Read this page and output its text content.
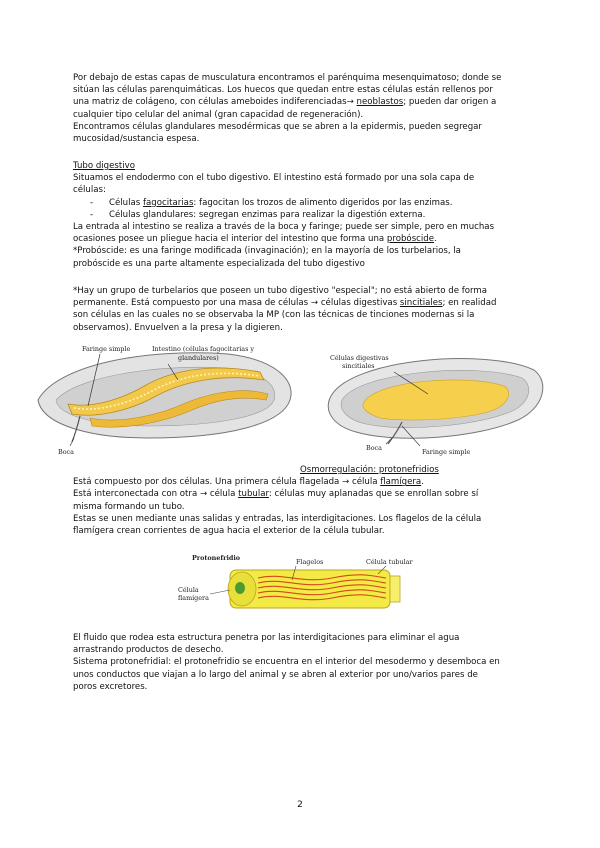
Por debajo de estas capas de musculatura encontramos el parénquima mesenquimatoso; donde se

sitúan las células parenquimáticas. Los huecos que quedan entre estas células están rellenos por

una matriz de colágeno, con células ameboides indiferenciadas→ neoblastos; pueden dar origen a

cualquier tipo celular del animal (gran capacidad de regeneración).

Encontramos células glandulares mesodérmicas que se abren a la epidermis, pueden segregar

mucosidad/sustancia espesa.

Tubo digestivo

Situamos el endodermo con el tubo digestivo. El intestino está formado por una sola capa de

células:

- Células fagocitarias: fagocitan los trozos de alimento digeridos por las enzimas.
- Células glandulares: segregan enzimas para realizar la digestión externa.

La entrada al intestino se realiza a través de la boca y faringe; puede ser simple, pero en muchas

ocasiones posee un pliegue hacia el interior del intestino que forma una probóscide.

*Probóscide: es una faringe modificada (invaginación); en la mayoría de los turbelarios, la

probóscide es una parte altamente especializada del tubo digestivo

*Hay un grupo de turbelarios que poseen un tubo digestivo "especial"; no está abierto de forma

permanente. Está compuesto por una masa de células → células digestivas sincitiales; en realidad

son células en las cuales no se observaba la MP (con las técnicas de tinciones modernas si la

observamos). Envuelven a la presa y la digieren.

Faringe simple	Intestino (células fagocitarias y
glandulares)
Boca
Células digestivas
sincitiales
Boca	Faringe simple

Osmorregulación: protonefridios

Está compuesto por dos células. Una primera célula flagelada → célula flamígera.

Está interconectada con otra → célula tubular: células muy aplanadas que se enrollan sobre sí

misma formando un tubo.

Estas se unen mediante unas salidas y entradas, las interdigitaciones. Los flagelos de la célula

flamígera crean corrientes de agua hacia el exterior de la célula tubular.

Protonefridio	Flagelos	Célula tubular
Célula
flamígera

El fluido que rodea esta estructura penetra por las interdigitaciones para eliminar el agua

arrastrando productos de desecho.

Sistema protonefridial: el protonefridio se encuentra en el interior del mesodermo y desemboca en

unos conductos que viajan a lo largo del animal y se abren al exterior por uno/varios pares de

poros excretores.

2
